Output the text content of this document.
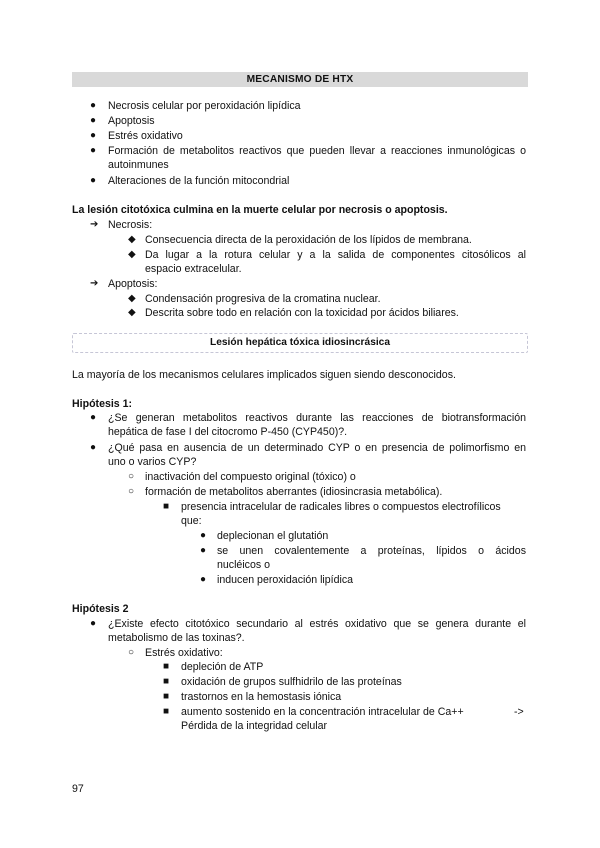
MECANISMO DE HTX
● Necrosis celular por peroxidación lipídica
● Apoptosis
● Estrés oxidativo
● Formación de metabolitos reactivos que pueden llevar a reacciones inmunológicas o
autoinmunes
● Alteraciones de la función mitocondrial
La lesión citotóxica culmina en la muerte celular por necrosis o apoptosis.
➔ Necrosis:
◆ Consecuencia directa de la peroxidación de los lípidos de membrana.
◆ Da lugar a la rotura celular y a la salida de componentes citosólicos al
espacio extracelular.
➔ Apoptosis:
◆ Condensación progresiva de la cromatina nuclear.
◆ Descrita sobre todo en relación con la toxicidad por ácidos biliares.
Lesión hepática tóxica idiosincrásica
La mayoría de los mecanismos celulares implicados siguen siendo desconocidos.
Hipótesis 1:
● ¿Se generan metabolitos reactivos durante las reacciones de biotransformación
hepática de fase I del citocromo P-450 (CYP450)?.
● ¿Qué pasa en ausencia de un determinado CYP o en presencia de polimorfismo en
uno o varios CYP?
○ inactivación del compuesto original (tóxico) o
○ formación de metabolitos aberrantes (idiosincrasia metabólica).
■ presencia intracelular de radicales libres o compuestos electrofílicos
que:
● deplecionan el glutatión
● se unen covalentemente a proteínas, lípidos o ácidos
nucléicos o
● inducen peroxidación lipídica
Hipótesis 2
● ¿Existe efecto citotóxico secundario al estrés oxidativo que se genera durante el
metabolismo de las toxinas?.
○ Estrés oxidativo:
■ depleción de ATP
■ oxidación de grupos sulfhidrilo de las proteínas
■ trastornos en la hemostasis iónica
■ aumento sostenido en la concentración intracelular de Ca++	->
Pérdida de la integridad celular
97
